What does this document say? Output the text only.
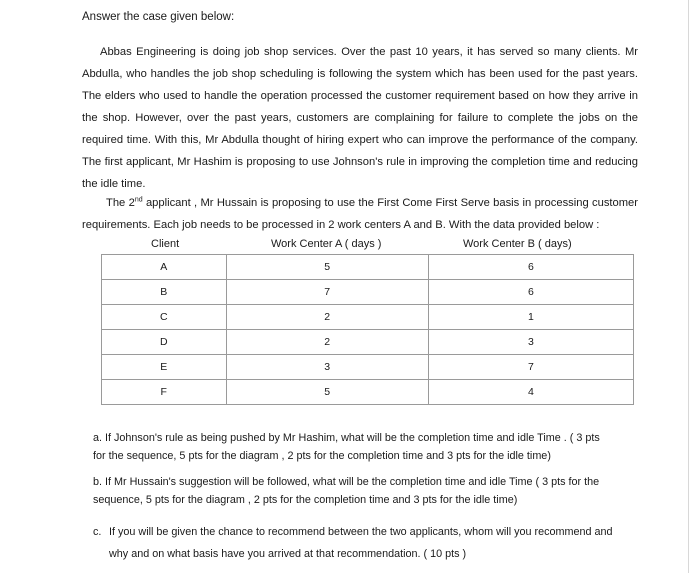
Answer the case given below:

Abbas Engineering is doing job shop services. Over the past 10 years, it has served so many clients. Mr Abdulla, who handles the job shop scheduling is following the system which has been used for the past years. The elders who used to handle the operation processed the customer requirement based on how they arrive in the shop. However, over the past years, customers are complaining for failure to complete the jobs on the required time. With this, Mr Abdulla thought of hiring expert who can improve the performance of the company. The first applicant, Mr Hashim is proposing to use Johnson's rule in improving the completion time and reducing the idle time.

The 2nd applicant , Mr Hussain is proposing to use the First Come First Serve basis in processing customer requirements. Each job needs to be processed in 2 work centers A and B. With the data provided below :

Client	Work Center A ( days )	Work Center B ( days)
A	5	6
B	7	6
C	2	1
D	2	3
E	3	7
F	5	4

a. If Johnson's rule as being pushed by Mr Hashim, what will be the completion time and idle Time . ( 3 pts for the sequence, 5 pts for the diagram , 2 pts for the completion time and 3 pts for the idle time)

b. If Mr Hussain's suggestion will be followed, what will be the completion time and idle Time ( 3 pts for the sequence, 5 pts for the diagram , 2 pts for the completion time and 3 pts for the idle time)

c. If you will be given the chance to recommend between the two applicants, whom will you recommend and
why and on what basis have you arrived at that recommendation. ( 10 pts )
